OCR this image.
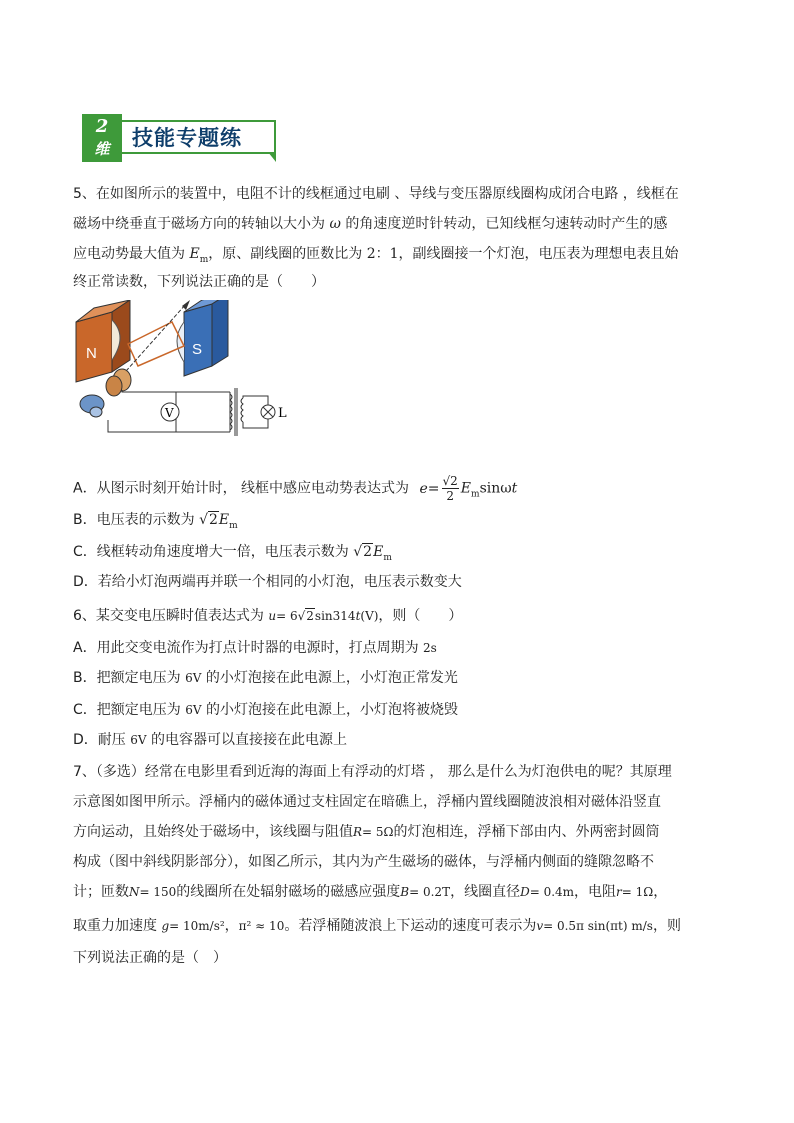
2
维	技能专题练
5、在如图所示的装置中，电阻不计的线框通过电刷 、导线与变压器原线圈构成闭合电路 ，线框在
磁场中绕垂直于磁场方向的转轴以大小为 ω 的角速度逆时针转动，已知线框匀速转动时产生的感
应电动势最大值为 $E_m$，原、副线圈的匝数比为 2：1，副线圈接一个灯泡，电压表为理想电表且始
终正常读数，下列说法正确的是（　　）
N	S
V	L
A．从图示时刻开始计时， 线框中感应电动势表达式为 $e= \frac{√2}{2} E_m\sin\omega t$
B．电压表的示数为 $√2E_m$
C．线框转动角速度增大一倍，电压表示数为 $√2E_m$
D．若给小灯泡两端再并联一个相同的小灯泡，电压表示数变大
6、某交变电压瞬时值表达式为 u= 6√2sin314t(V)，则（　　）
A．用此交变电流作为打点计时器的电源时，打点周期为 2s
B．把额定电压为 6V 的小灯泡接在此电源上，小灯泡正常发光
C．把额定电压为 6V 的小灯泡接在此电源上，小灯泡将被烧毁
D．耐压 6V 的电容器可以直接接在此电源上
7、（多选）经常在电影里看到近海的海面上有浮动的灯塔 ， 那么是什么为灯泡供电的呢？其原理
示意图如图甲所示。浮桶内的磁体通过支柱固定在暗礁上，浮桶内置线圈随波浪相对磁体沿竖直
方向运动，且始终处于磁场中，该线圈与阻值R= 5Ω的灯泡相连，浮桶下部由内、外两密封圆筒
构成（图中斜线阴影部分），如图乙所示，其内为产生磁场的磁体，与浮桶内侧面的缝隙忽略不
计；匝数N= 150的线圈所在处辐射磁场的磁感应强度B= 0.2T，线圈直径D= 0.4m，电阻r= 1Ω，
取重力加速度 g= 10m/s²，π² ≈ 10。若浮桶随波浪上下运动的速度可表示为v= 0.5π sin(πt) m/s，则
下列说法正确的是（　）
